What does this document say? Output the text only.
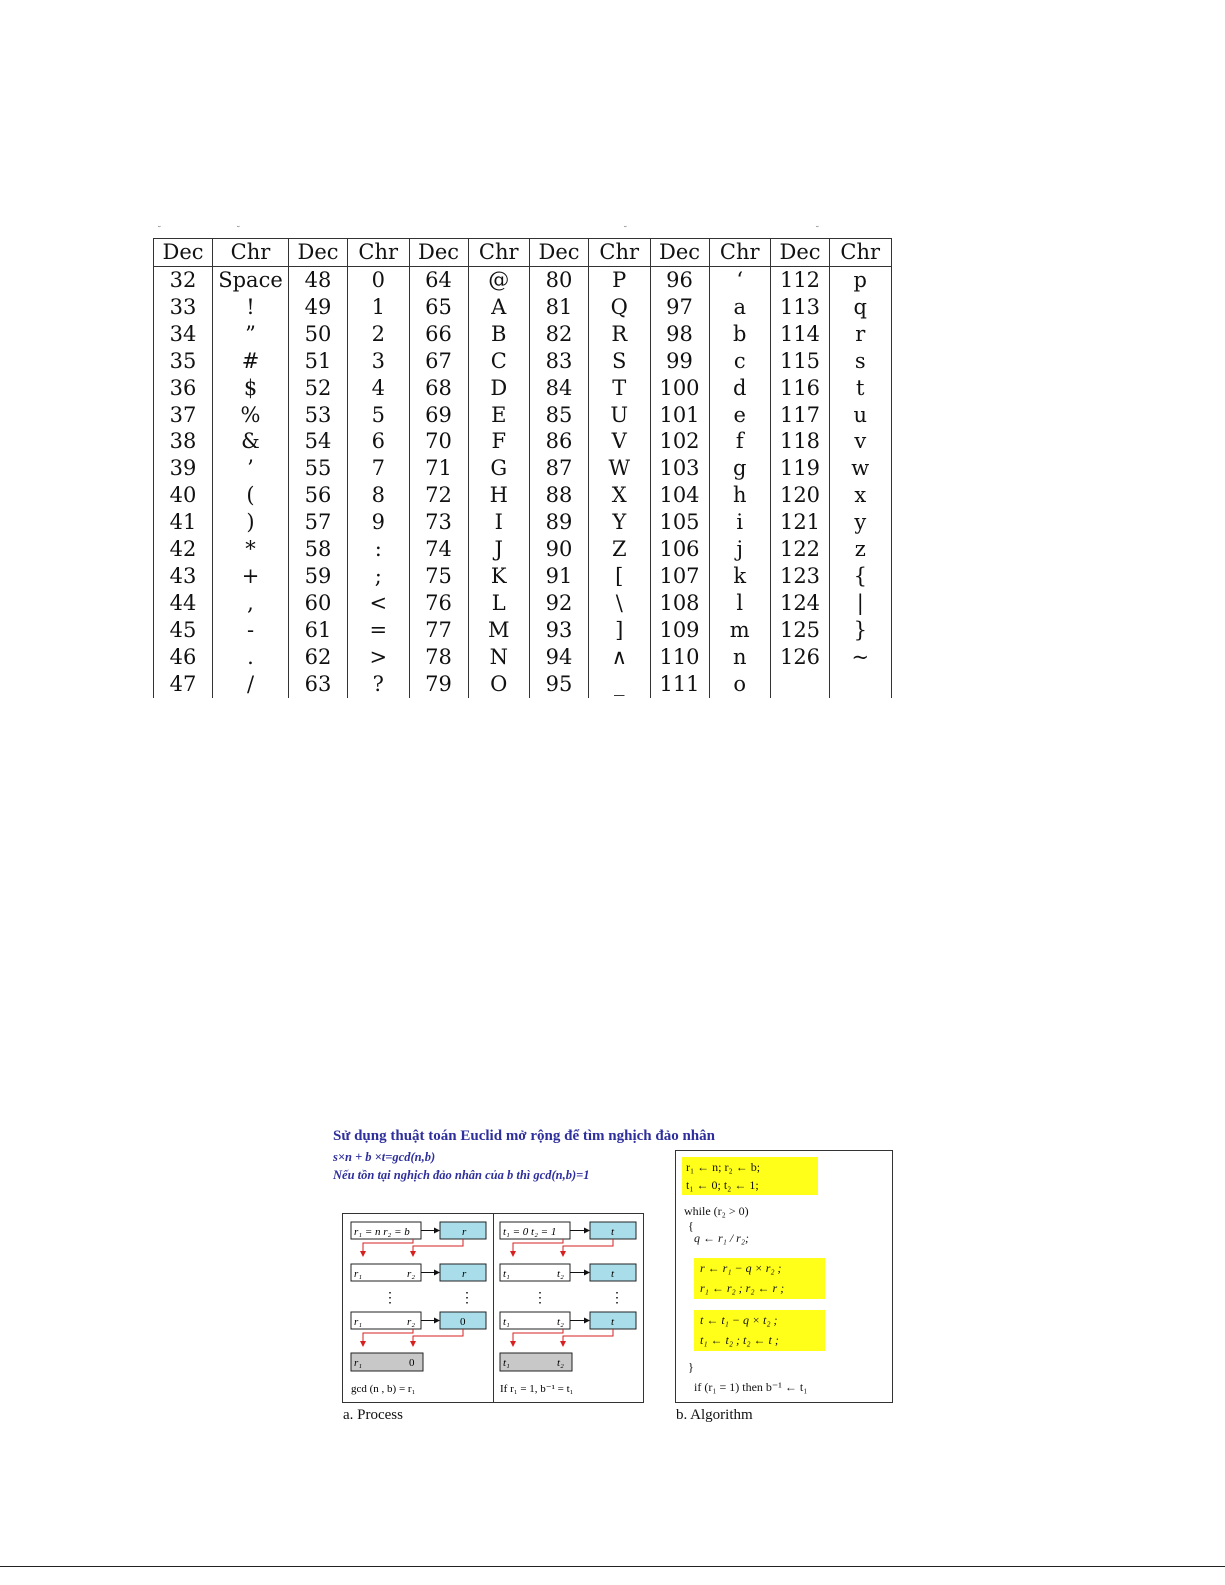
˘	˘	˘	˘
Dec	Chr	Dec	Chr	Dec	Chr	Dec	Chr	Dec	Chr	Dec	Chr
32	Space	48	0	64	@	80	P	96	‘	112	p
33	!	49	1	65	A	81	Q	97	a	113	q
34	”	50	2	66	B	82	R	98	b	114	r
35	#	51	3	67	C	83	S	99	c	115	s
36	$	52	4	68	D	84	T	100	d	116	t
37	%	53	5	69	E	85	U	101	e	117	u
38	&	54	6	70	F	86	V	102	f	118	v
39	’	55	7	71	G	87	W	103	g	119	w
40	(	56	8	72	H	88	X	104	h	120	x
41	)	57	9	73	I	89	Y	105	i	121	y
42	*	58	:	74	J	90	Z	106	j	122	z
43	+	59	;	75	K	91	[	107	k	123	{
44	,	60	<	76	L	92	\	108	l	124	|
45	-	61	=	77	M	93	]	109	m	125	}
46	.	62	>	78	N	94	∧	110	n	126	~
47	/	63	?	79	O	95	_	111	o		
Sử dụng thuật toán Euclid mở rộng để tìm nghịch đảo nhân
s×n + b ×t=gcd(n,b)
Nếu tồn tại nghịch đảo nhân của b thì gcd(n,b)=1
r₁ = n r₂ = b	r
r₁	r₂	r
⋮	⋮
r₁	r₂	0
r₁	0
gcd (n , b) = r₁
t₁ = 0 t₂ = 1	t
t₁	t₂	t
⋮	⋮
t₁	t₂	t
t₁	t₂
If r₁ = 1, b⁻¹ = t₁
r₁ ← n; r₂ ← b;
t₁ ← 0; t₂ ← 1;
while (r₂ > 0)
{
q ← r₁ / r₂;
r ← r₁ − q × r₂ ;
r₁ ← r₂ ; r₂ ← r ;
t ← t₁ − q × t₂ ;
t₁ ← t₂ ; t₂ ← t ;
}
if (r₁ = 1) then b⁻¹ ← t₁
a. Process	b. Algorithm
